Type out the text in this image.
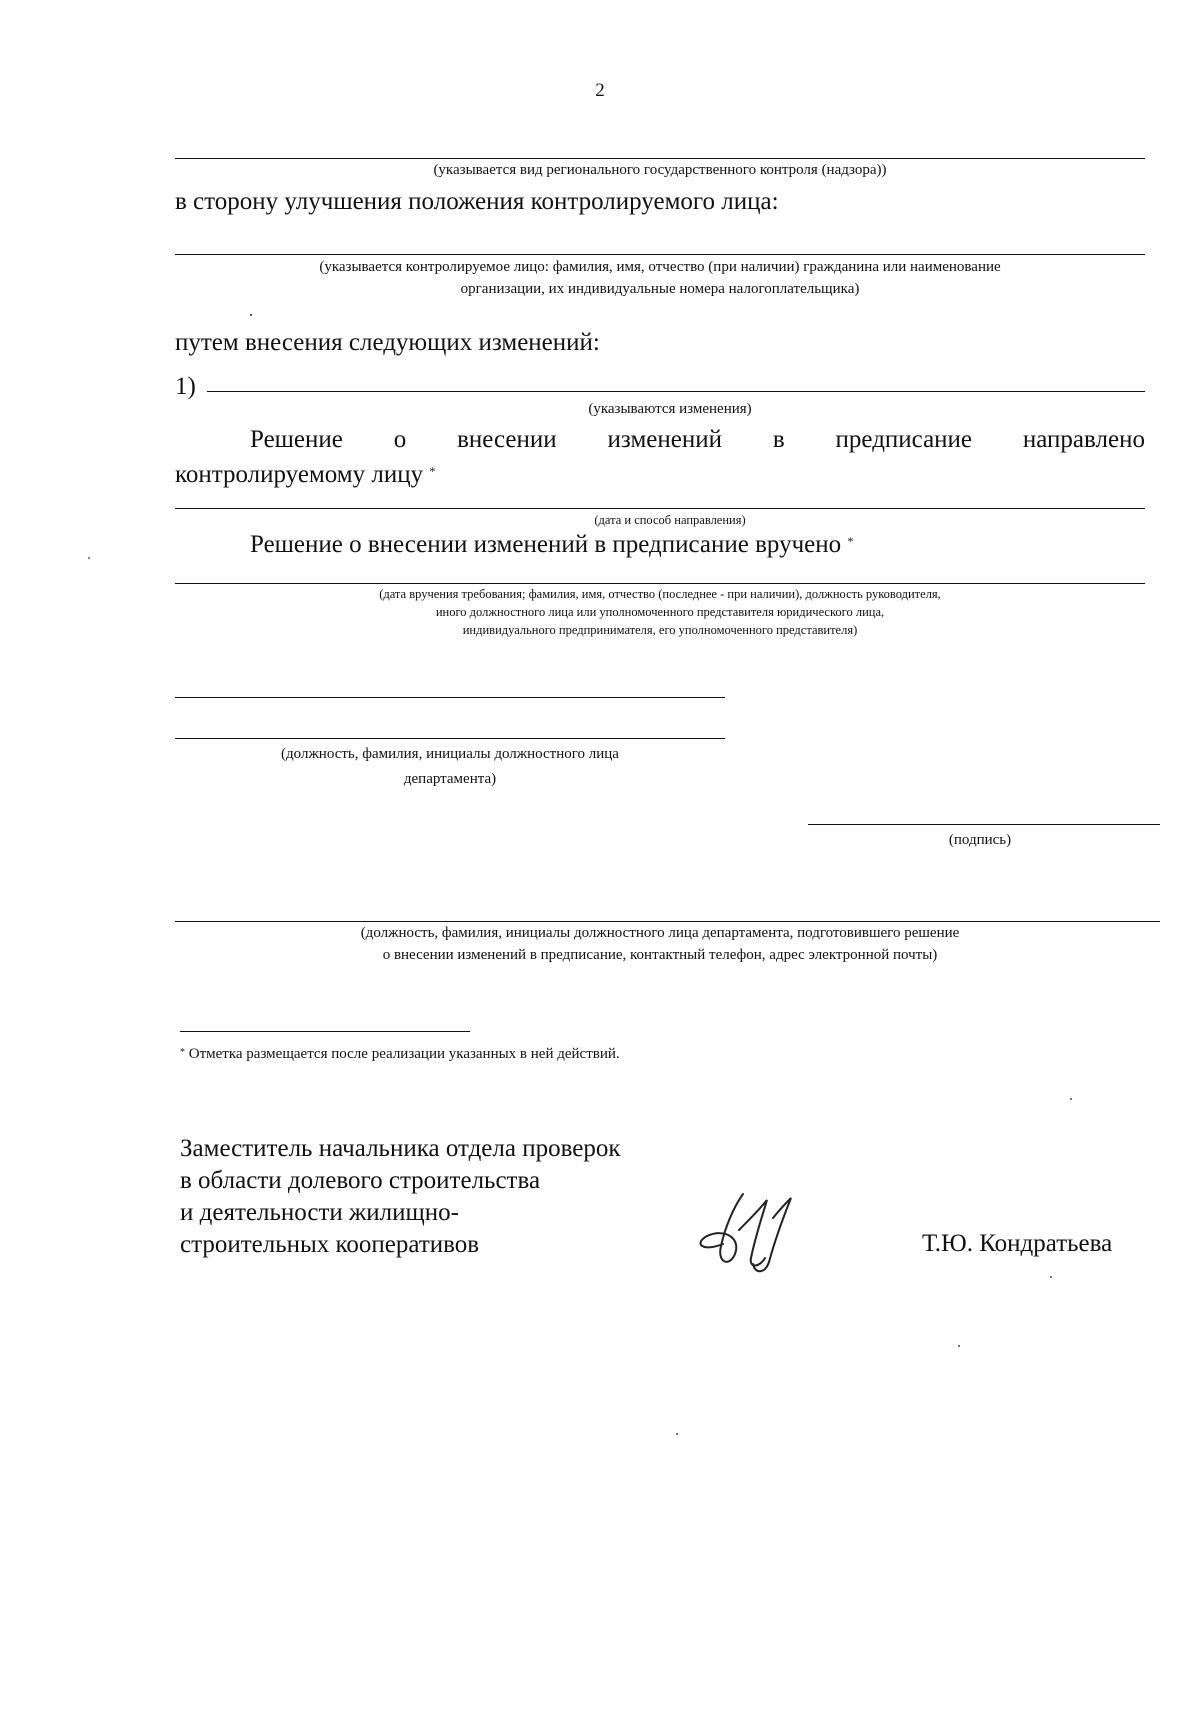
2
(указывается вид регионального государственного контроля (надзора))
в сторону улучшения положения контролируемого лица:
(указывается контролируемое лицо: фамилия, имя, отчество (при наличии) гражданина или наименование
организации, их индивидуальные номера налогоплательщика)
путем внесения следующих изменений:
1)
(указываются изменения)
Решение о внесении изменений в предписание направлено
контролируемому лицу *
(дата и способ направления)
Решение о внесении изменений в предписание вручено *
(дата вручения требования; фамилия, имя, отчество (последнее - при наличии), должность руководителя,
иного должностного лица или уполномоченного представителя юридического лица,
индивидуального предпринимателя, его уполномоченного представителя)
(должность, фамилия, инициалы должностного лица
департамента)
(подпись)
(должность, фамилия, инициалы должностного лица департамента, подготовившего решение
о внесении изменений в предписание, контактный телефон, адрес электронной почты)
* Отметка размещается после реализации указанных в ней действий.
Заместитель начальника отдела проверок
в области долевого строительства
и деятельности жилищно-
строительных кооперативов	Т.Ю. Кондратьева
